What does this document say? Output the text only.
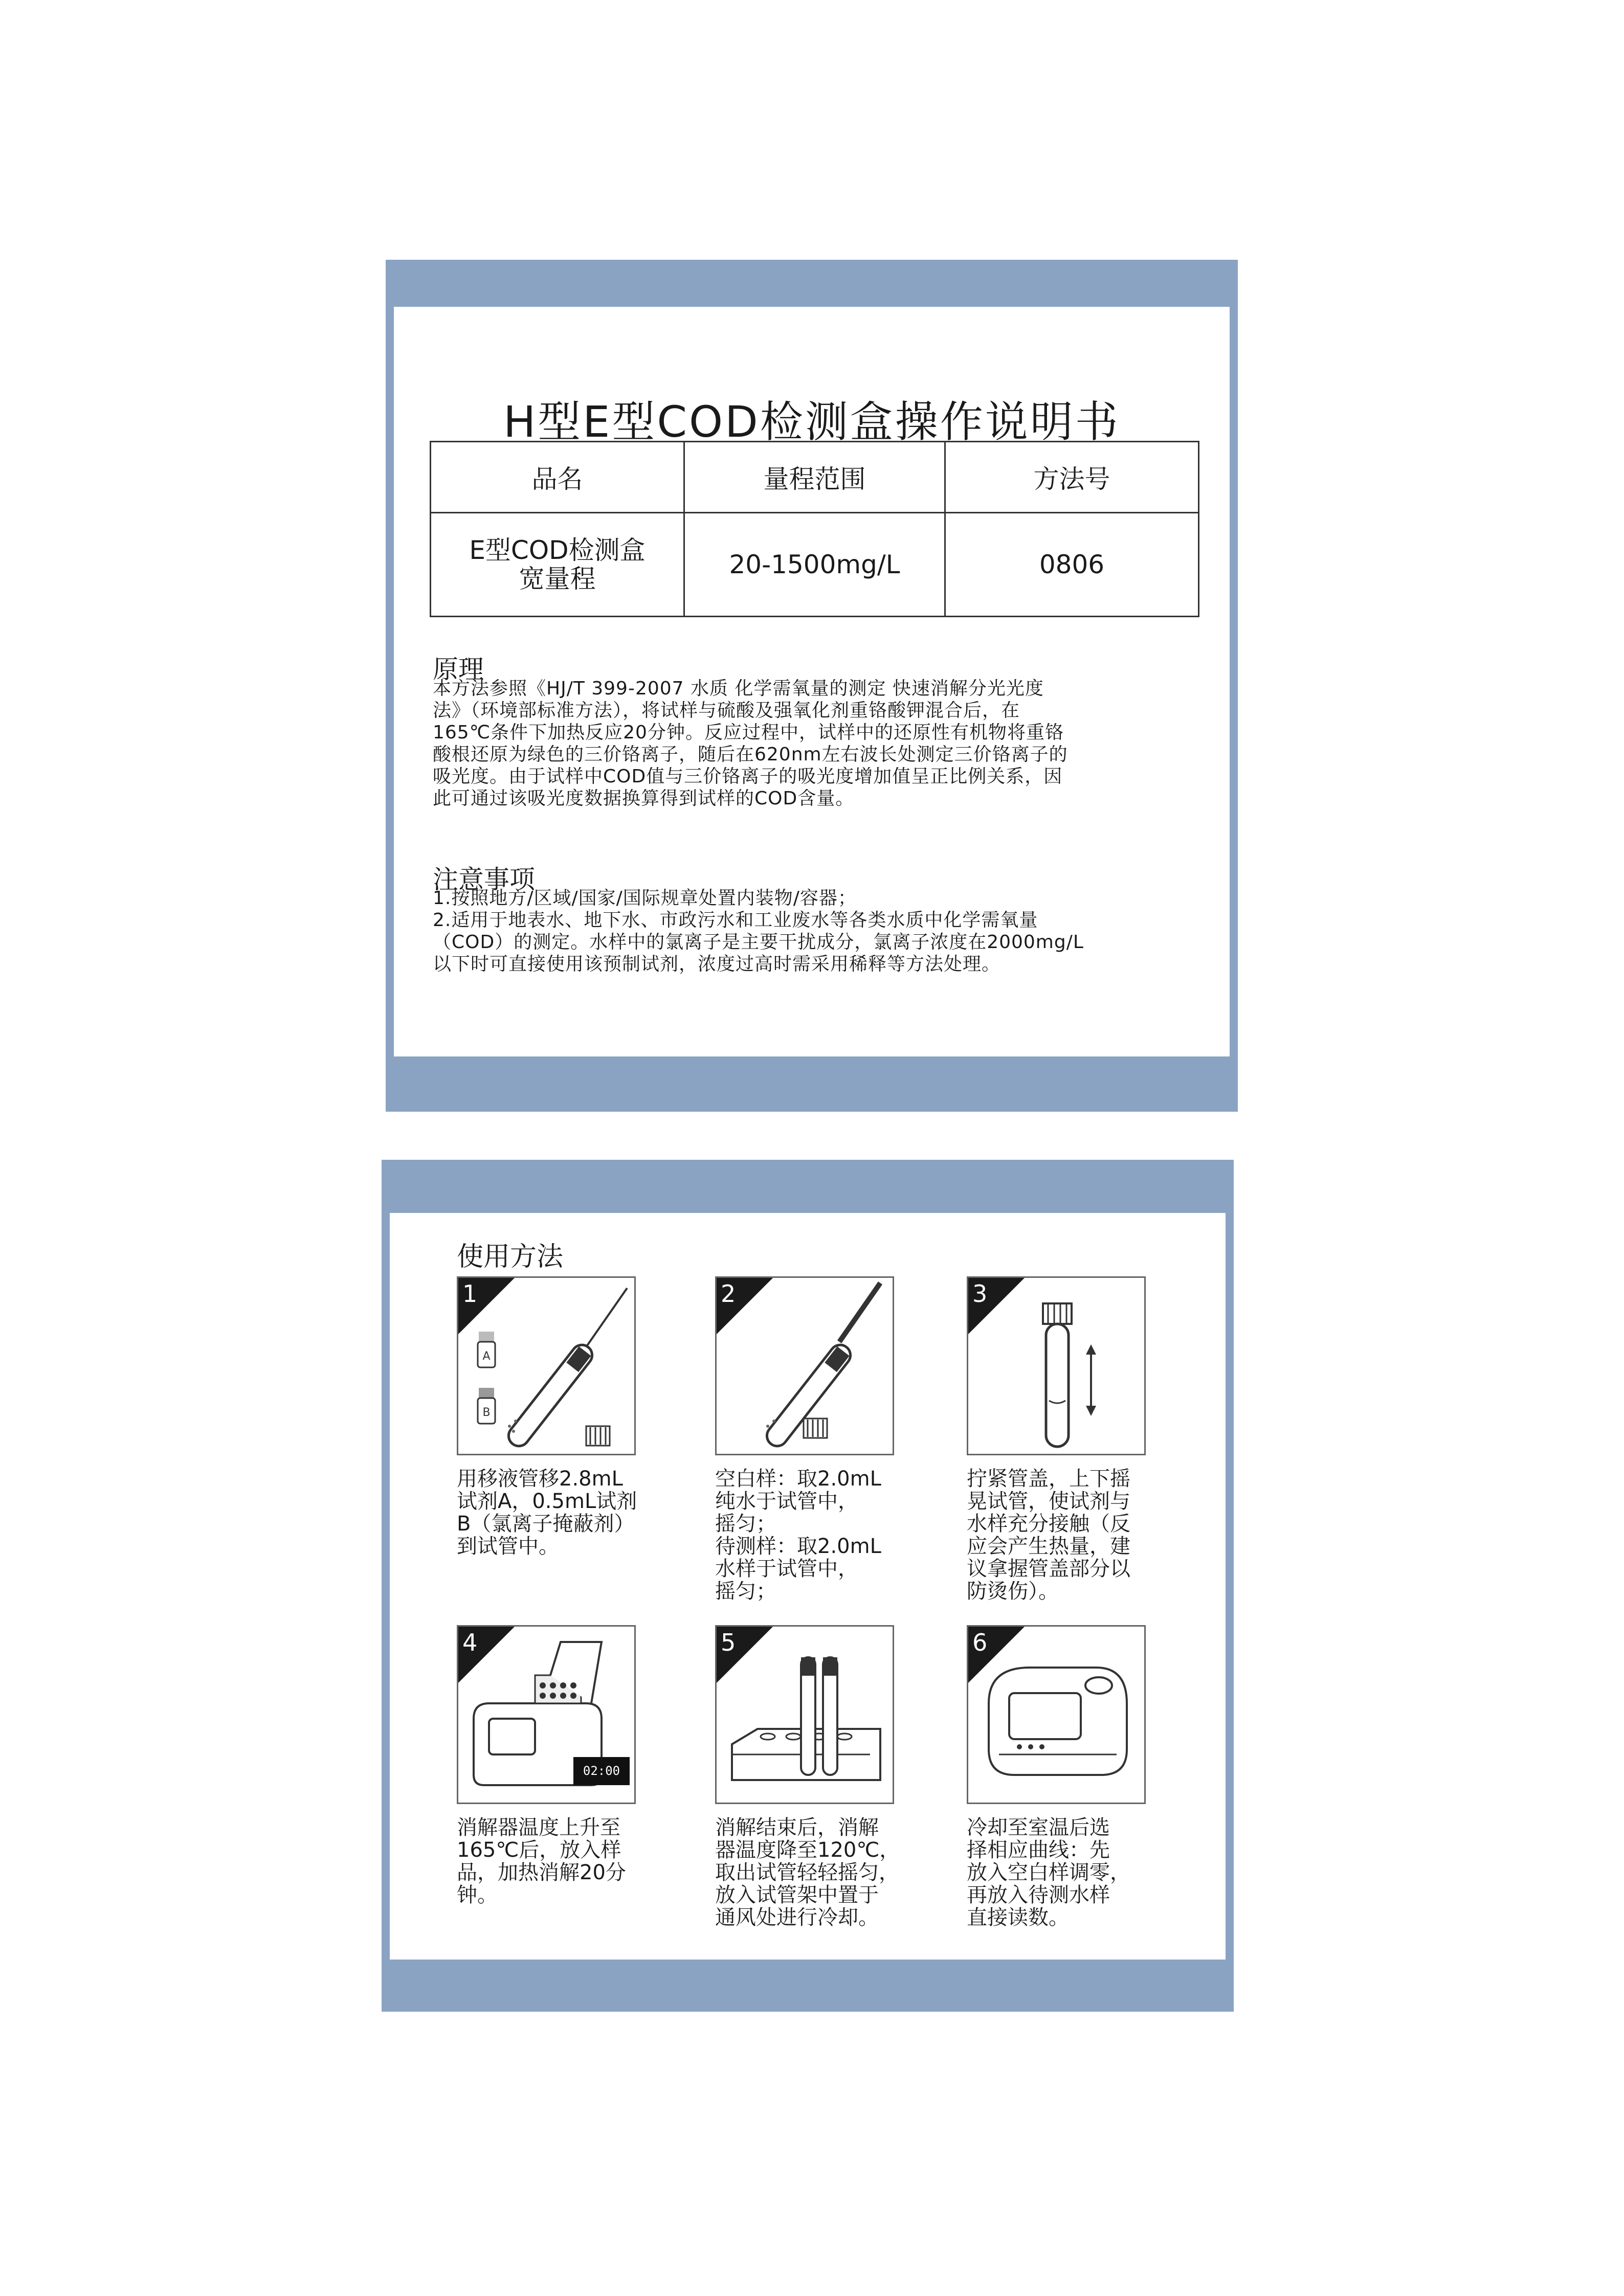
H型E型COD检测盒操作说明书
品名	量程范围	方法号

E型COD检测盒
宽量程	20-1500mg/L	0806
原理

本方法参照《HJ/T 399-2007 水质 化学需氧量的测定 快速消解分光光度

法》（环境部标准方法），将试样与硫酸及强氧化剂重铬酸钾混合后，在

165℃条件下加热反应20分钟。反应过程中，试样中的还原性有机物将重铬

酸根还原为绿色的三价铬离子，随后在620nm左右波长处测定三价铬离子的

吸光度。由于试样中COD值与三价铬离子的吸光度增加值呈正比例关系，因

此可通过该吸光度数据换算得到试样的COD含量。

注意事项

1.按照地方/区域/国家/国际规章处置内装物/容器；

2.适用于地表水、地下水、市政污水和工业废水等各类水质中化学需氧量

（COD）的测定。水样中的氯离子是主要干扰成分，氯离子浓度在2000mg/L

以下时可直接使用该预制试剂，浓度过高时需采用稀释等方法处理。

使用方法
A
B
1
用移液管移2.8mL
试剂A，0.5mL试剂
B（氯离子掩蔽剂）
到试管中。
2
空白样：取2.0mL
纯水于试管中，
摇匀；
待测样：取2.0mL
水样于试管中，
摇匀；
3
拧紧管盖，上下摇
晃试管，使试剂与
水样充分接触（反
应会产生热量，建
议拿握管盖部分以
防烫伤）。
02:00
4
消解器温度上升至
165℃后，放入样
品，加热消解20分
钟。
5
消解结束后，消解
器温度降至120℃，
取出试管轻轻摇匀，
放入试管架中置于
通风处进行冷却。
6
冷却至室温后选
择相应曲线：先
放入空白样调零，
再放入待测水样
直接读数。
